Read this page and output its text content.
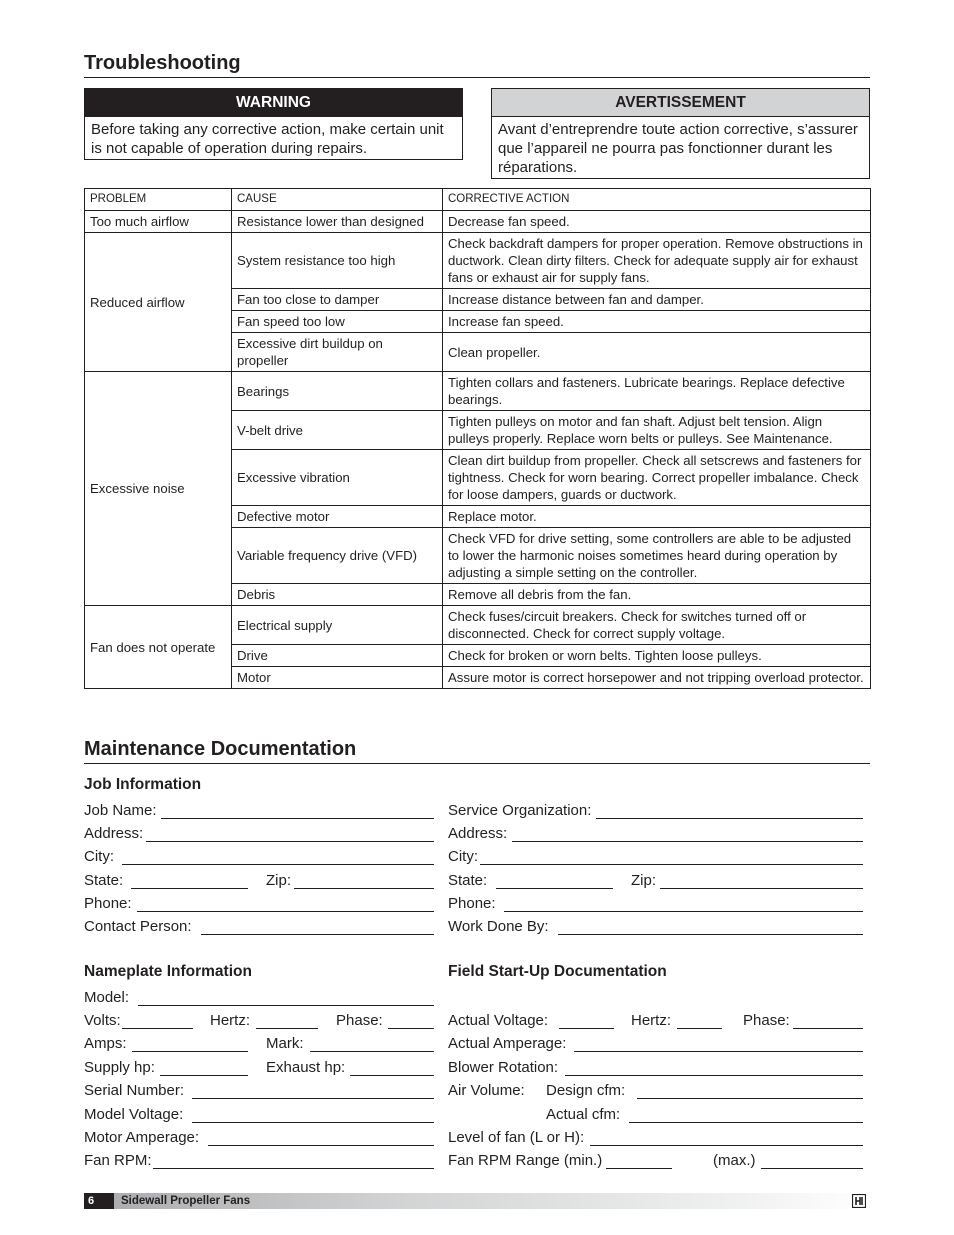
Troubleshooting
WARNING
Before taking any corrective action, make certain unit is not capable of operation during repairs.
AVERTISSEMENT
Avant d’entreprendre toute action corrective, s’assurer que l’appareil ne pourra pas fonctionner durant les réparations.
PROBLEM	CAUSE	CORRECTIVE ACTION
Too much airflow	Resistance lower than designed	Decrease fan speed.
Reduced airflow	System resistance too high	Check backdraft dampers for proper operation. Remove obstructions in ductwork. Clean dirty filters. Check for adequate supply air for exhaust fans or exhaust air for supply fans.
	Fan too close to damper	Increase distance between fan and damper.
	Fan speed too low	Increase fan speed.
	Excessive dirt buildup on propeller	Clean propeller.
Excessive noise	Bearings	Tighten collars and fasteners. Lubricate bearings. Replace defective bearings.
	V-belt drive	Tighten pulleys on motor and fan shaft. Adjust belt tension. Align pulleys properly. Replace worn belts or pulleys. See Maintenance.
	Excessive vibration	Clean dirt buildup from propeller. Check all setscrews and fasteners for tightness. Check for worn bearing. Correct propeller imbalance. Check for loose dampers, guards or ductwork.
	Defective motor	Replace motor.
	Variable frequency drive (VFD)	Check VFD for drive setting, some controllers are able to be adjusted to lower the harmonic noises sometimes heard during operation by adjusting a simple setting on the controller.
	Debris	Remove all debris from the fan.
Fan does not operate	Electrical supply	Check fuses/circuit breakers. Check for switches turned off or disconnected. Check for correct supply voltage.
	Drive	Check for broken or worn belts. Tighten loose pulleys.
	Motor	Assure motor is correct horsepower and not tripping overload protector.
Maintenance Documentation
Job Information
Job Name:
Address:
City:
State:	Zip:
Phone:
Contact Person:
Service Organization:
Address:
City:
State:	Zip:
Phone:
Work Done By:
Nameplate Information
Model:
Volts:	Hertz:	Phase:
Amps:	Mark:
Supply hp:	Exhaust hp:
Serial Number:
Model Voltage:
Motor Amperage:
Fan RPM:
Field Start-Up Documentation
Actual Voltage:	Hertz:	Phase:
Actual Amperage:
Blower Rotation:
Air Volume: Design cfm:
Actual cfm:
Level of fan (L or H):
Fan RPM Range (min.)	(max.)
6	Sidewall Propeller Fans
